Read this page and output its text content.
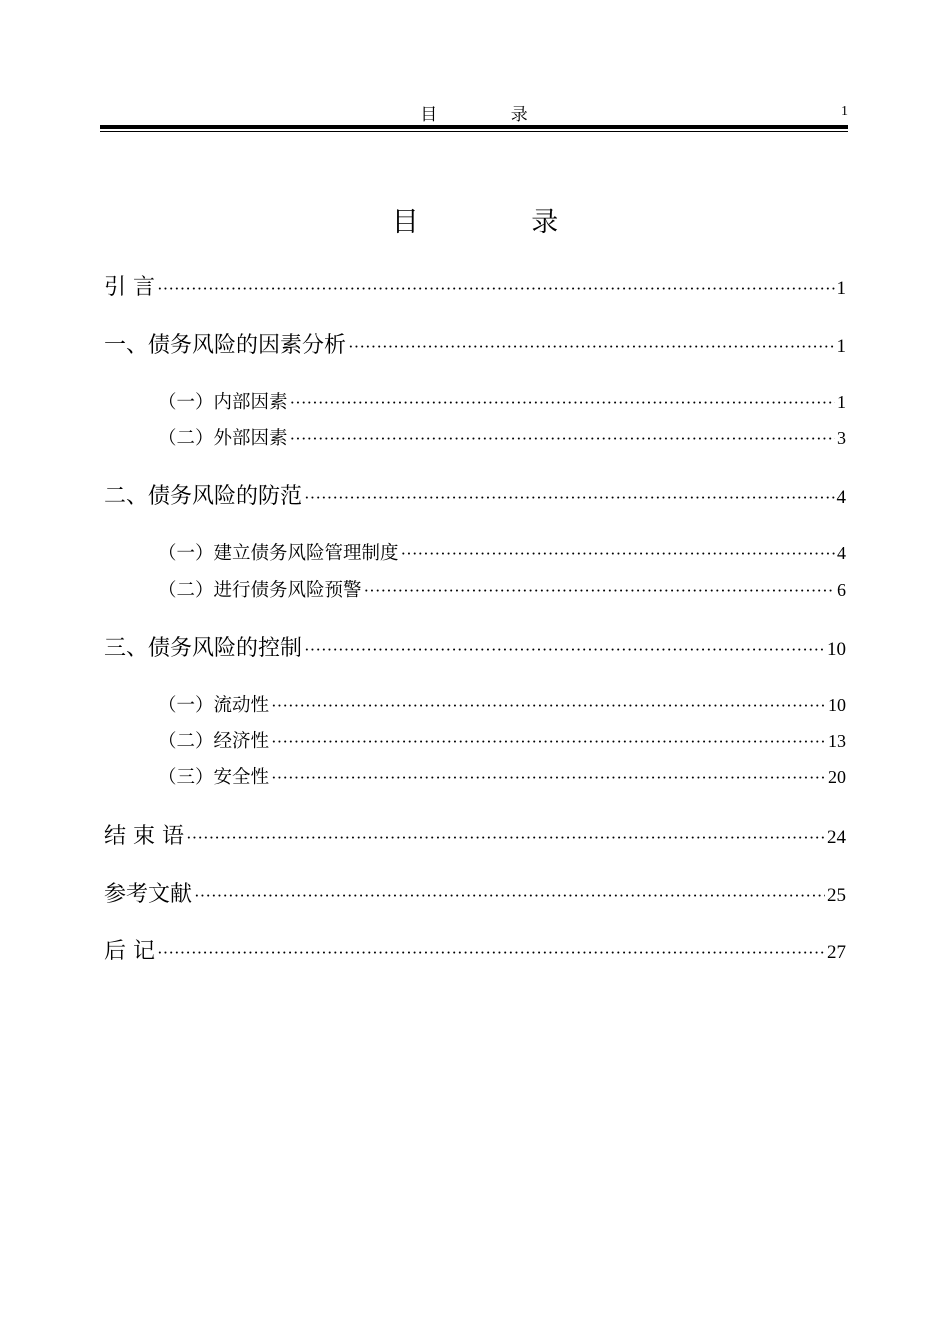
目 录	1
目 录
引 言 ·····	1
一、债务风险的因素分析 ·····	1
（一）内部因素 ·····	1
（二）外部因素 ·····	3
二、债务风险的防范 ·····	4
（一）建立债务风险管理制度 ·····	4
（二）进行债务风险预警 ·····	6
三、债务风险的控制 ·····	10
（一）流动性 ·····	10
（二）经济性 ·····	13
（三）安全性 ·····	20
结 束 语 ·····	24
参考文献 ·····	25
后 记 ·····	27
